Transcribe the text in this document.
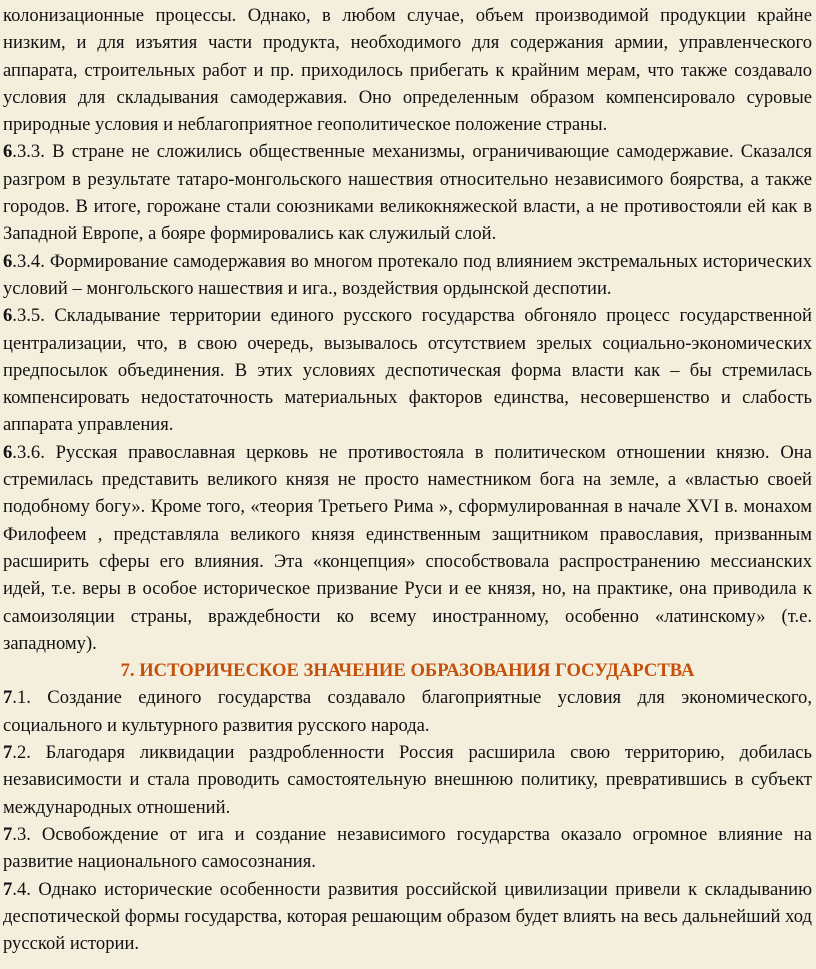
колонизационные процессы. Однако, в любом случае, объем производимой продукции крайне низким, и для изъятия части продукта, необходимого для содержания армии, управленческого аппарата, строительных работ и пр. приходилось прибегать к крайним мерам, что также создавало условия для складывания самодержавия. Оно определенным образом компенсировало суровые природные условия и неблагоприятное геополитическое положение страны.

6.3.3. В стране не сложились общественные механизмы, ограничивающие самодержавие. Сказался разгром в результате татаро-монгольского нашествия относительно независимого боярства, а также городов. В итоге, горожане стали союзниками великокняжеской власти, а не противостояли ей как в Западной Европе, а бояре формировались как служилый слой.

6.3.4. Формирование самодержавия во многом протекало под влиянием экстремальных исторических условий – монгольского нашествия и ига., воздействия ордынской деспотии.

6.3.5. Складывание территории единого русского государства обгоняло процесс государственной централизации, что, в свою очередь, вызывалось отсутствием зрелых социально-экономических предпосылок объединения. В этих условиях деспотическая форма власти как – бы стремилась компенсировать недостаточность материальных факторов единства, несовершенство и слабость аппарата управления.

6.3.6. Русская православная церковь не противостояла в политическом отношении князю. Она стремилась представить великого князя не просто наместником бога на земле, а «властью своей подобному богу». Кроме того, «теория Третьего Рима », сформулированная в начале XVI в. монахом Филофеем , представляла великого князя единственным защитником православия, призванным расширить сферы его влияния. Эта «концепция» способствовала распространению мессианских идей, т.е. веры в особое историческое призвание Руси и ее князя, но, на практике, она приводила к самоизоляции страны, враждебности ко всему иностранному, особенно «латинскому» (т.е. западному).

7. ИСТОРИЧЕСКОЕ ЗНАЧЕНИЕ ОБРАЗОВАНИЯ ГОСУДАРСТВА

7.1. Создание единого государства создавало благоприятные условия для экономического, социального и культурного развития русского народа.

7.2. Благодаря ликвидации раздробленности Россия расширила свою территорию, добилась независимости и стала проводить самостоятельную внешнюю политику, превратившись в субъект международных отношений.

7.3. Освобождение от ига и создание независимого государства оказало огромное влияние на развитие национального самосознания.

7.4. Однако исторические особенности развития российской цивилизации привели к складыванию деспотической формы государства, которая решающим образом будет влиять на весь дальнейший ход русской истории.
